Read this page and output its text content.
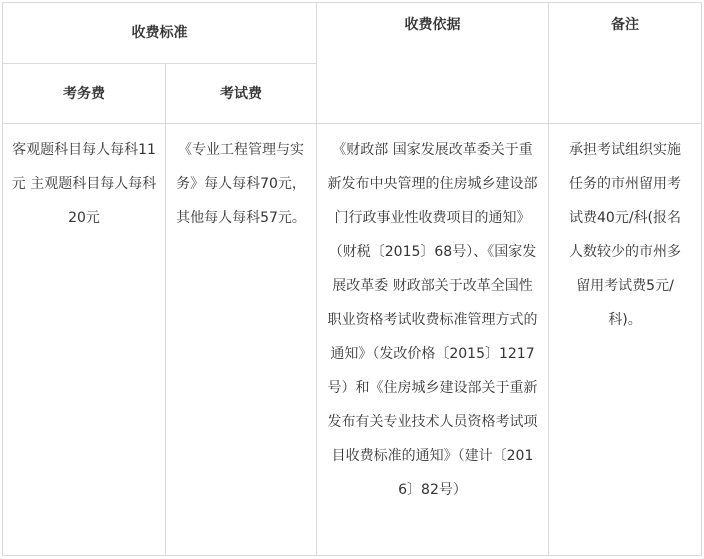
收费标准		收费依据	备注
考务费	考试费		

客观题科目每人每科11元 主观题科目每人每科20元	《专业工程管理与实务》每人每科70元，其他每人每科57元。	《财政部 国家发展改革委关于重新发布中央管理的住房城乡建设部门行政事业性收费项目的通知》（财税〔2015〕68号）、《国家发展改革委 财政部关于改革全国性职业资格考试收费标准管理方式的通知》（发改价格〔2015〕1217号）和《住房城乡建设部关于重新发布有关专业技术人员资格考试项目收费标准的通知》（建计〔2016〕82号）	承担考试组织实施任务的市州留用考试费40元/科(报名人数较少的市州多留用考试费5元/科)。
